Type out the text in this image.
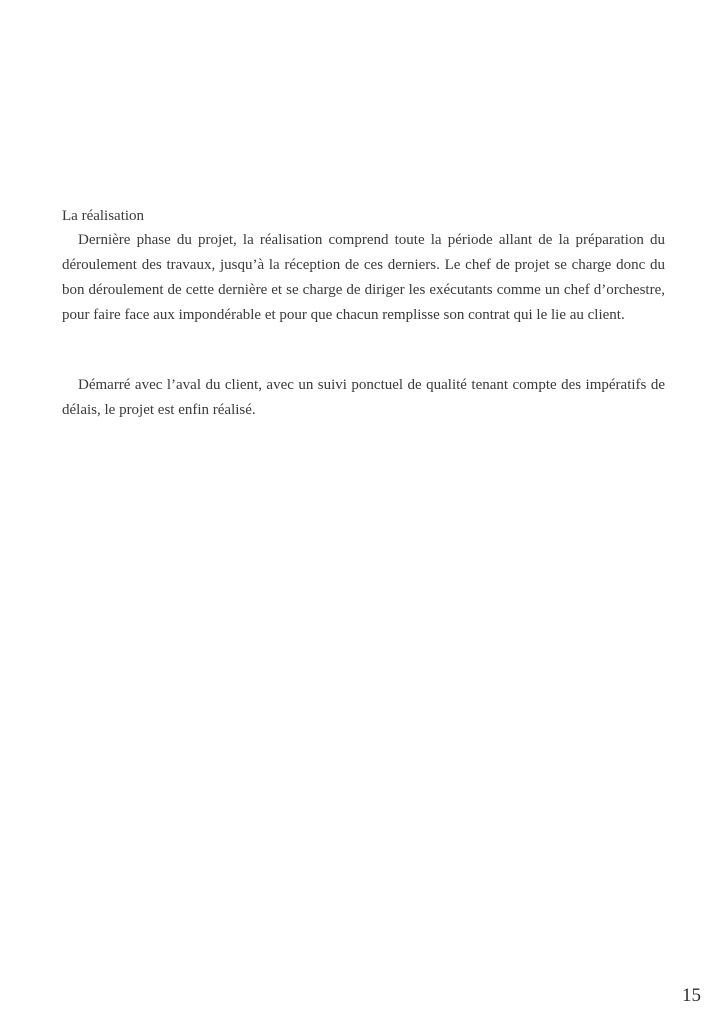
La réalisation

Dernière phase du projet, la réalisation comprend toute la période allant de la préparation du déroulement des travaux, jusqu’à la réception de ces derniers. Le chef de projet se charge donc du bon déroulement de cette dernière et se charge de diriger les exécutants comme un chef d’orchestre, pour faire face aux impondérable et pour que chacun remplisse son contrat qui le lie au client.

Démarré avec l’aval du client, avec un suivi ponctuel de qualité tenant compte des impératifs de délais, le projet est enfin réalisé.

15
